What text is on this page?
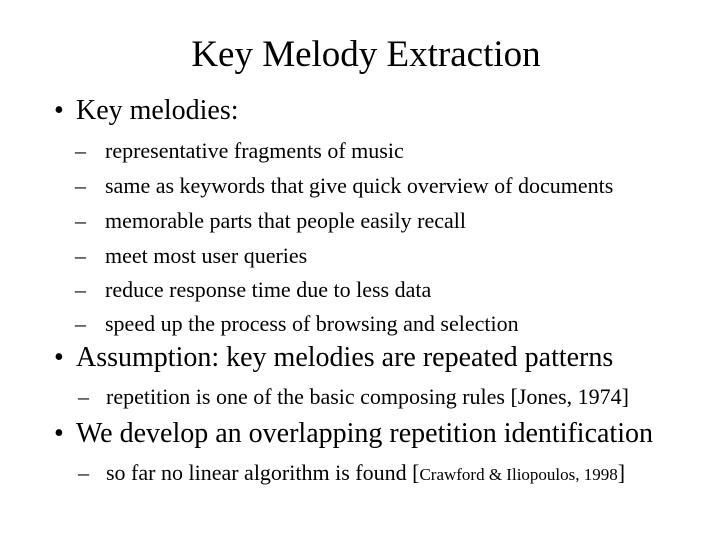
Key Melody Extraction
• Key melodies:
– representative fragments of music
– same as keywords that give quick overview of documents
– memorable parts that people easily recall
– meet most user queries
– reduce response time due to less data
– speed up the process of browsing and selection
• Assumption: key melodies are repeated patterns
– repetition is one of the basic composing rules [Jones, 1974]
• We develop an overlapping repetition identification
– so far no linear algorithm is found [Crawford & Iliopoulos, 1998]
